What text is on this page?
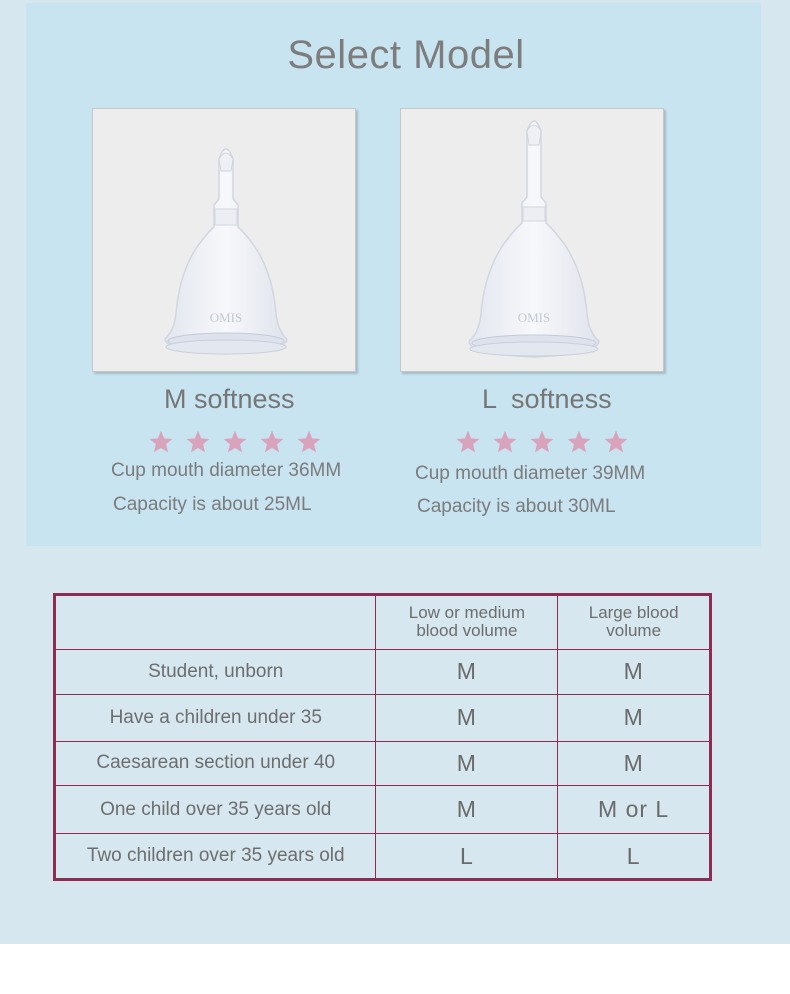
Select Model
OMIS	OMIS
M softness
Cup mouth diameter 36MM
Capacity is about 25ML
L  softness
Cup mouth diameter 39MM
Capacity is about 30ML
	Low or medium blood volume	Large blood volume
Student, unborn	M	M
Have a children under 35	M	M
Caesarean section under 40	M	M
One child over 35 years old	M	M or L
Two children over 35 years old	L	L
